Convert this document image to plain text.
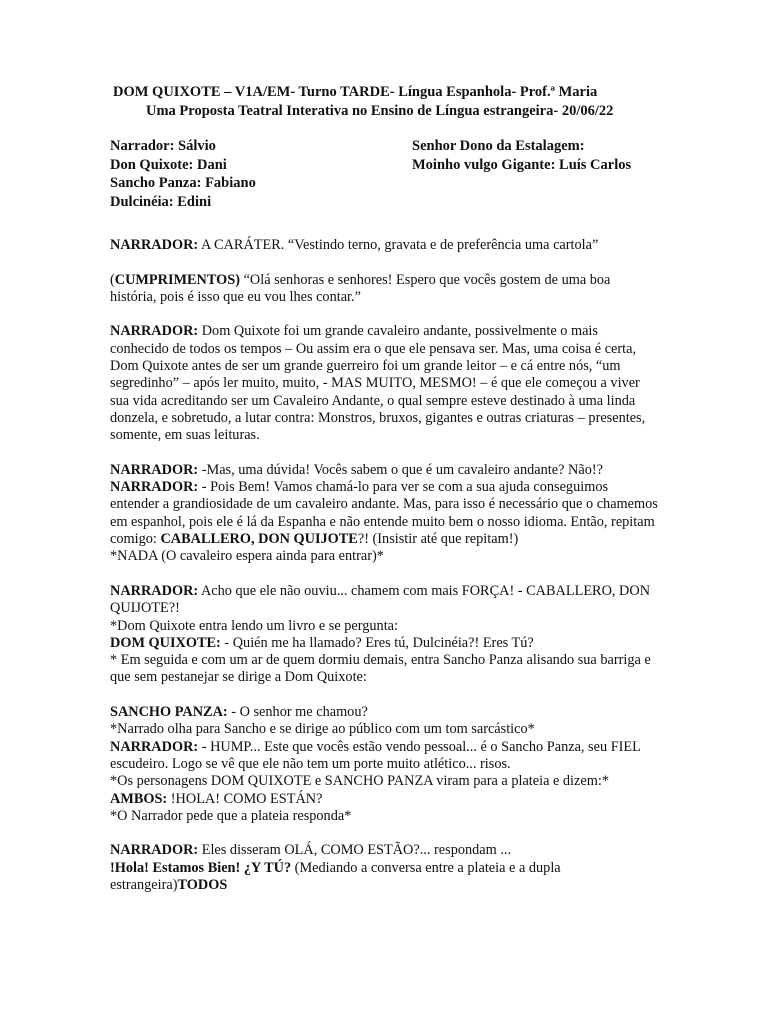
DOM QUIXOTE – V1A/EM- Turno TARDE- Língua Espanhola- Prof.ª Maria
Uma Proposta Teatral Interativa no Ensino de Língua estrangeira- 20/06/22
Narrador: Sálvio
Don Quixote: Dani
Sancho Panza: Fabiano
Dulcinéia: Edini
Senhor Dono da Estalagem:
Moinho vulgo Gigante: Luís Carlos

NARRADOR: A CARÁTER. “Vestindo terno, gravata e de preferência uma cartola”

(CUMPRIMENTOS) “Olá senhoras e senhores! Espero que vocês gostem de uma boa história, pois é isso que eu vou lhes contar.”

NARRADOR: Dom Quixote foi um grande cavaleiro andante, possivelmente o mais conhecido de todos os tempos – Ou assim era o que ele pensava ser. Mas, uma coisa é certa, Dom Quixote antes de ser um grande guerreiro foi um grande leitor – e cá entre nós, “um segredinho” – após ler muito, muito, - MAS MUITO, MESMO! – é que ele começou a viver sua vida acreditando ser um Cavaleiro Andante, o qual sempre esteve destinado à uma linda donzela, e sobretudo, a lutar contra: Monstros, bruxos, gigantes e outras criaturas – presentes, somente, em suas leituras.

NARRADOR: -Mas, uma dúvida! Vocês sabem o que é um cavaleiro andante? Não!?

NARRADOR: - Pois Bem! Vamos chamá-lo para ver se com a sua ajuda conseguimos entender a grandiosidade de um cavaleiro andante. Mas, para isso é necessário que o chamemos em espanhol, pois ele é lá da Espanha e não entende muito bem o nosso idioma. Então, repitam comigo: CABALLERO, DON QUIJOTE?! (Insistir até que repitam!)

*NADA (O cavaleiro espera ainda para entrar)*

NARRADOR: Acho que ele não ouviu... chamem com mais FORÇA! - CABALLERO, DON QUIJOTE?!

*Dom Quixote entra lendo um livro e se pergunta:

DOM QUIXOTE: - Quién me ha llamado? Eres tú, Dulcinéia?! Eres Tú?

* Em seguida e com um ar de quem dormiu demais, entra Sancho Panza alisando sua barriga e que sem pestanejar se dirige a Dom Quixote:

SANCHO PANZA: - O senhor me chamou?

*Narrado olha para Sancho e se dirige ao público com um tom sarcástico*

NARRADOR: - HUMP... Este que vocês estão vendo pessoal... é o Sancho Panza, seu FIEL escudeiro. Logo se vê que ele não tem um porte muito atlético... risos.

*Os personagens DOM QUIXOTE e SANCHO PANZA viram para a plateia e dizem:*

AMBOS: !HOLA! COMO ESTÁN?

*O Narrador pede que a plateia responda*

NARRADOR: Eles disseram OLÁ, COMO ESTÃO?... respondam ...

!Hola! Estamos Bien! ¿Y TÚ? (Mediando a conversa entre a plateia e a dupla estrangeira)TODOS
